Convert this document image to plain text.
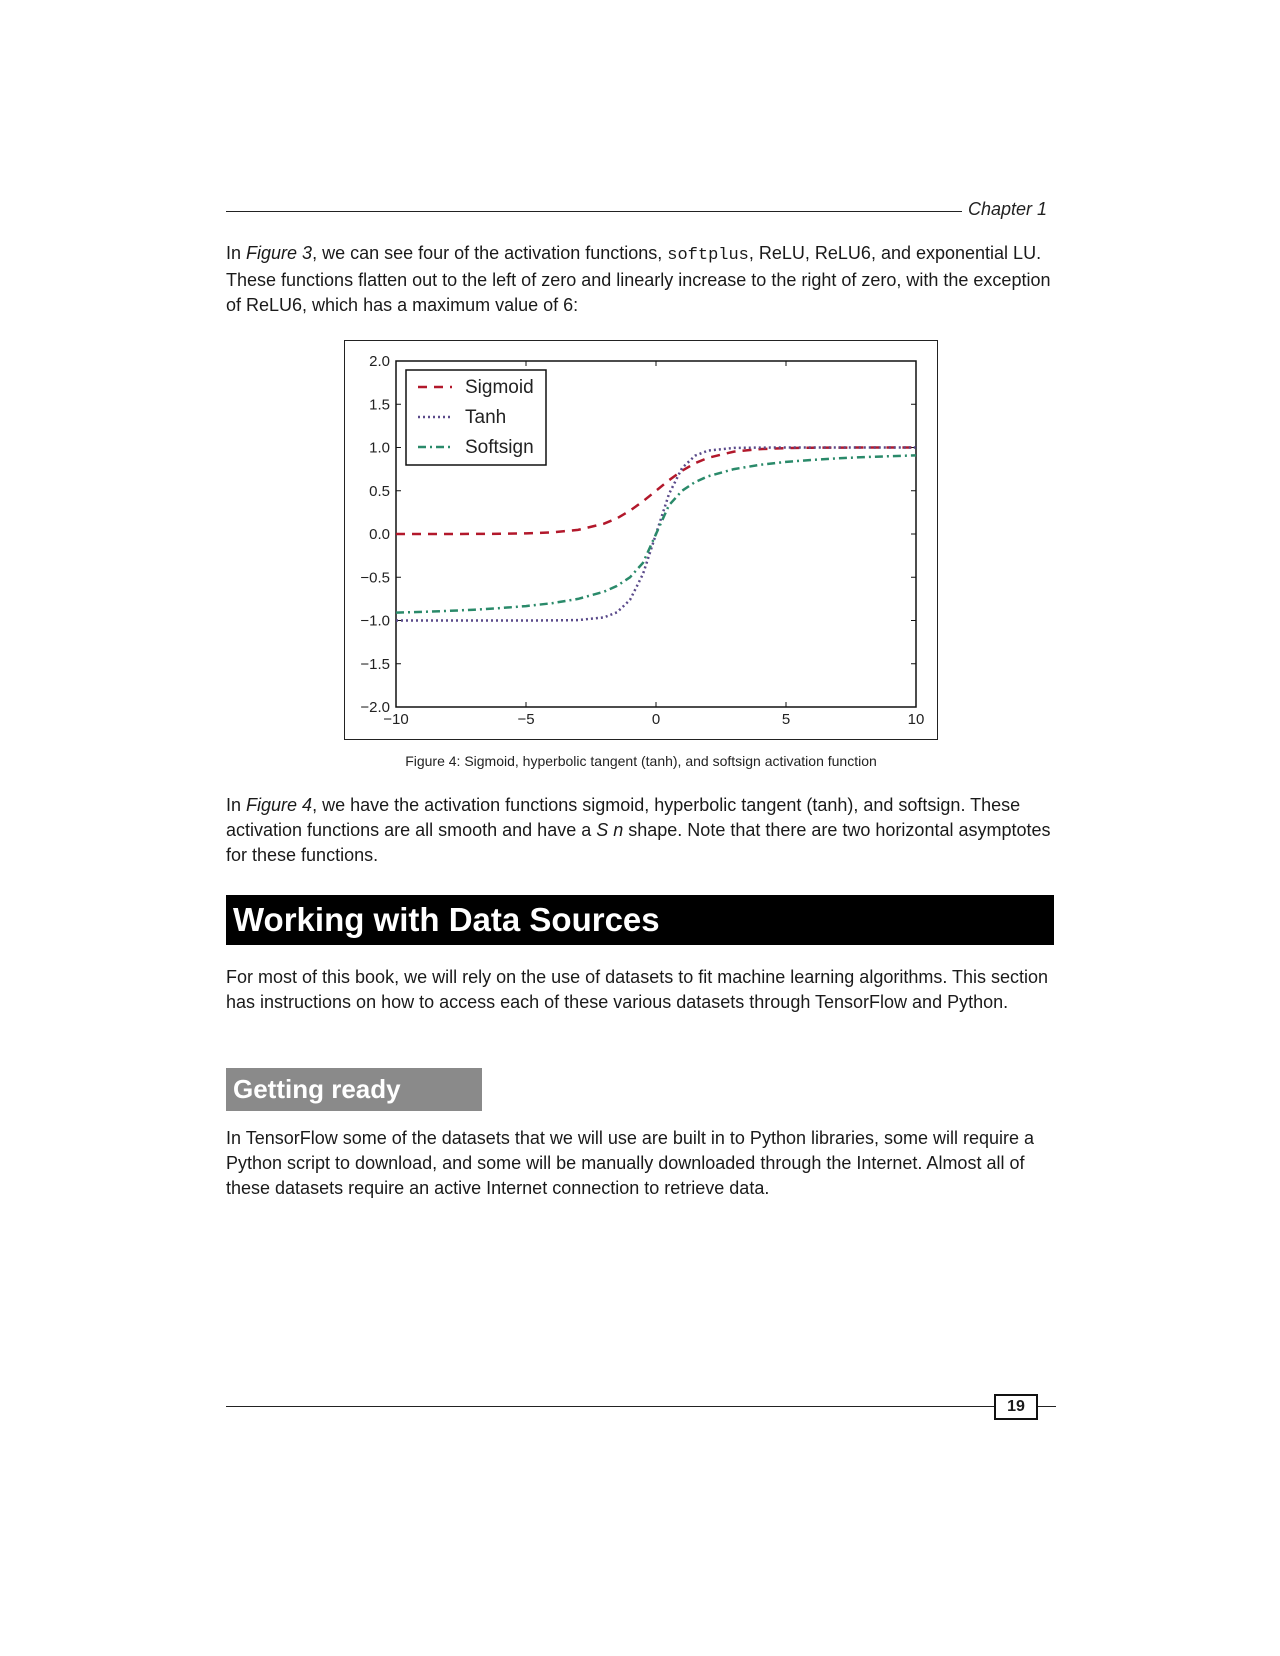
Chapter 1

In Figure 3, we can see four of the activation functions, softplus, ReLU, ReLU6, and exponential LU. These functions flatten out to the left of zero and linearly increase to the right of zero, with the exception of ReLU6, which has a maximum value of 6:

2.0
1.5
1.0
0.5
0.0
−0.5
−1.0
−1.5
−2.0
−10	−5	0	5	10
Sigmoid
Tanh
Softsign
Figure 4: Sigmoid, hyperbolic tangent (tanh), and softsign activation function

In Figure 4, we have the activation functions sigmoid, hyperbolic tangent (tanh), and softsign. These activation functions are all smooth and have a S n shape. Note that there are two horizontal asymptotes for these functions.

Working with Data Sources

For most of this book, we will rely on the use of datasets to fit machine learning algorithms. This section has instructions on how to access each of these various datasets through TensorFlow and Python.

Getting ready

In TensorFlow some of the datasets that we will use are built in to Python libraries, some will require a Python script to download, and some will be manually downloaded through the Internet. Almost all of these datasets require an active Internet connection to retrieve data.

19
